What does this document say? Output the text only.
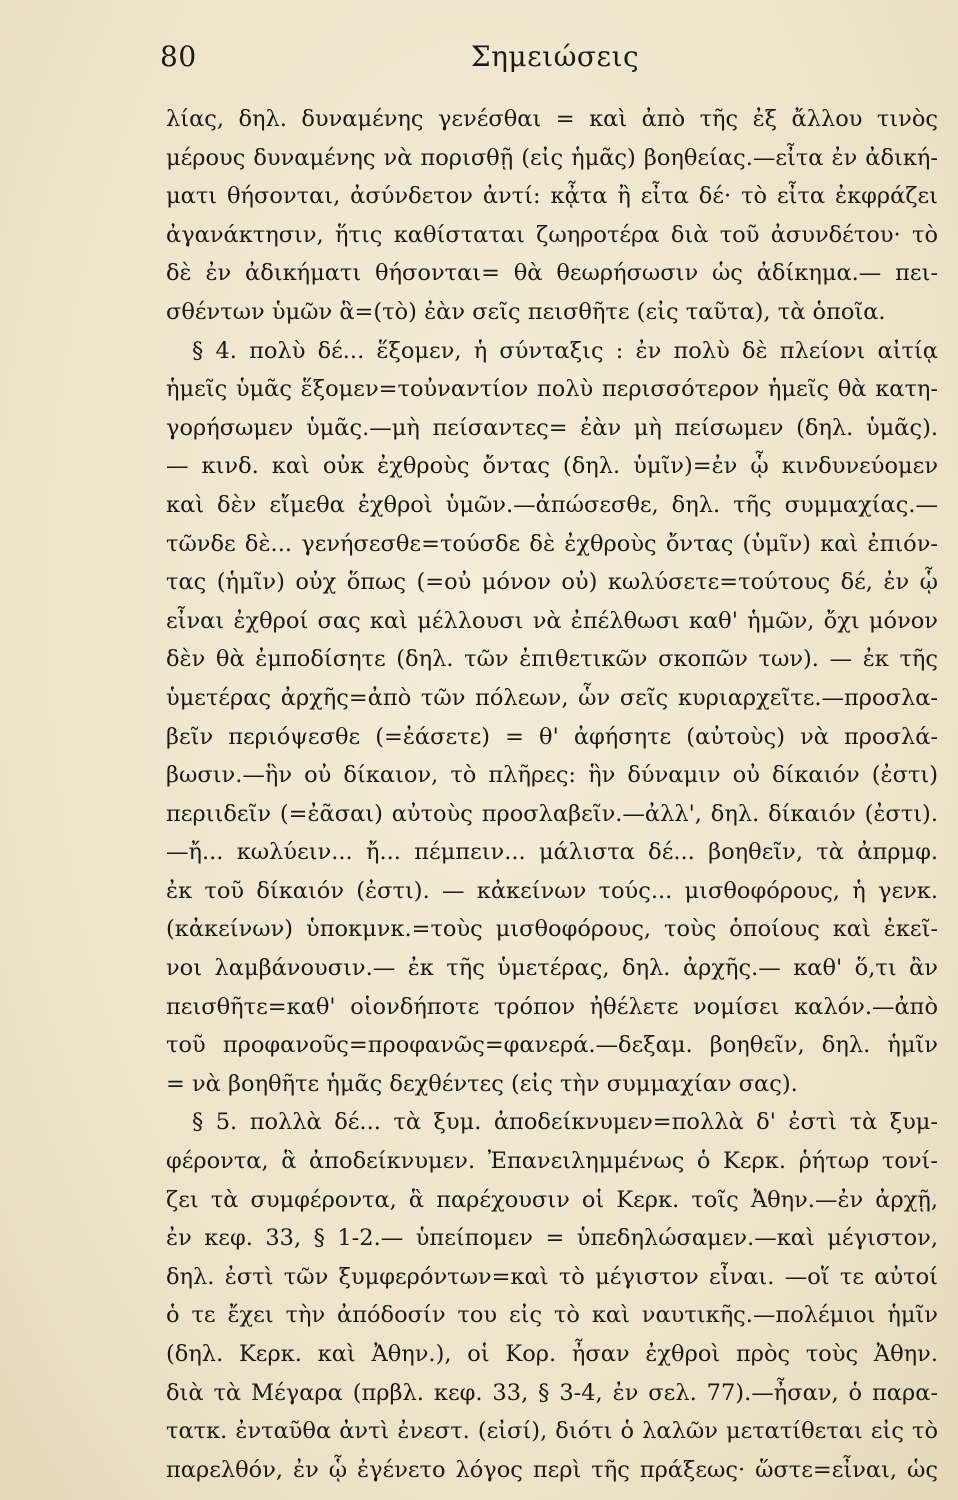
80	Σημειώσεις
λίας, δηλ. δυναμένης γενέσθαι = καὶ ἀπὸ τῆς ἐξ ἄλλου τινὸς
μέρους δυναμένης νὰ πορισθῇ (εἰς ἡμᾶς) βοηθείας.—εἶτα ἐν ἀδική-
ματι θήσονται, ἀσύνδετον ἀντί: κᾆτα ἢ εἶτα δέ· τὸ εἶτα ἐκφράζει
ἀγανάκτησιν, ἥτις καθίσταται ζωηροτέρα διὰ τοῦ ἀσυνδέτου· τὸ
δὲ ἐν ἀδικήματι θήσονται= θὰ θεωρήσωσιν ὡς ἀδίκημα.— πει-
σθέντων ὑμῶν ἃ=(τὸ) ἐὰν σεῖς πεισθῆτε (εἰς ταῦτα), τὰ ὁποῖα.
§ 4. πολὺ δέ... ἕξομεν, ἡ σύνταξις : ἐν πολὺ δὲ πλείονι αἰτίᾳ
ἡμεῖς ὑμᾶς ἕξομεν=τοὐναντίον πολὺ περισσότερον ἡμεῖς θὰ κατη-
γορήσωμεν ὑμᾶς.—μὴ πείσαντες= ἐὰν μὴ πείσωμεν (δηλ. ὑμᾶς).
— κινδ. καὶ οὐκ ἐχθροὺς ὄντας (δηλ. ὑμῖν)=ἐν ᾧ κινδυνεύομεν
καὶ δὲν εἴμεθα ἐχθροὶ ὑμῶν.—ἀπώσεσθε, δηλ. τῆς συμμαχίας.—
τῶνδε δὲ... γενήσεσθε=τούσδε δὲ ἐχθροὺς ὄντας (ὑμῖν) καὶ ἐπιόν-
τας (ἡμῖν) οὐχ ὅπως (=οὐ μόνον οὐ) κωλύσετε=τούτους δέ, ἐν ᾧ
εἶναι ἐχθροί σας καὶ μέλλουσι νὰ ἐπέλθωσι καθ' ἡμῶν, ὄχι μόνον
δὲν θὰ ἐμποδίσητε (δηλ. τῶν ἐπιθετικῶν σκοπῶν των). — ἐκ τῆς
ὑμετέρας ἀρχῆς=ἀπὸ τῶν πόλεων, ὧν σεῖς κυριαρχεῖτε.—προσλα-
βεῖν περιόψεσθε (=ἐάσετε) = θ' ἀφήσητε (αὐτοὺς) νὰ προσλά-
βωσιν.—ἣν οὐ δίκαιον, τὸ πλῆρες: ἣν δύναμιν οὐ δίκαιόν (ἐστι)
περιιδεῖν (=ἐᾶσαι) αὐτοὺς προσλαβεῖν.—ἀλλ', δηλ. δίκαιόν (ἐστι).
—ἤ... κωλύειν... ἤ... πέμπειν... μάλιστα δέ... βοηθεῖν, τὰ ἀπρμφ.
ἐκ τοῦ δίκαιόν (ἐστι). — κἀκείνων τούς... μισθοφόρους, ἡ γενκ.
(κἀκείνων) ὑποκμνκ.=τοὺς μισθοφόρους, τοὺς ὁποίους καὶ ἐκεῖ-
νοι λαμβάνουσιν.— ἐκ τῆς ὑμετέρας, δηλ. ἀρχῆς.— καθ' ὅ,τι ἂν
πεισθῆτε=καθ' οἱονδήποτε τρόπον ἠθέλετε νομίσει καλόν.—ἀπὸ
τοῦ προφανοῦς=προφανῶς=φανερά.—δεξαμ. βοηθεῖν, δηλ. ἡμῖν
= νὰ βοηθῆτε ἡμᾶς δεχθέντες (εἰς τὴν συμμαχίαν σας).
§ 5. πολλὰ δέ... τὰ ξυμ. ἀποδείκνυμεν=πολλὰ δ' ἐστὶ τὰ ξυμ-
φέροντα, ἃ ἀποδείκνυμεν. Ἐπανειλημμένως ὁ Κερκ. ῥήτωρ τονί-
ζει τὰ συμφέροντα, ἃ παρέχουσιν οἱ Κερκ. τοῖς Ἀθην.—ἐν ἀρχῇ,
ἐν κεφ. 33, § 1-2.— ὑπείπομεν = ὑπεδηλώσαμεν.—καὶ μέγιστον,
δηλ. ἐστὶ τῶν ξυμφερόντων=καὶ τὸ μέγιστον εἶναι. —οἵ τε αὐτοί
ὁ τε ἔχει τὴν ἀπόδοσίν του εἰς τὸ καὶ ναυτικῆς.—πολέμιοι ἡμῖν
(δηλ. Κερκ. καὶ Ἀθην.), οἱ Κορ. ἦσαν ἐχθροὶ πρὸς τοὺς Ἀθην.
διὰ τὰ Μέγαρα (πρβλ. κεφ. 33, § 3-4, ἐν σελ. 77).—ἦσαν, ὁ παρα-
τατκ. ἐνταῦθα ἀντὶ ἐνεστ. (εἰσί), διότι ὁ λαλῶν μετατίθεται εἰς τὸ
παρελθόν, ἐν ᾧ ἐγένετο λόγος περὶ τῆς πράξεως· ὥστε=εἶναι, ὡς
